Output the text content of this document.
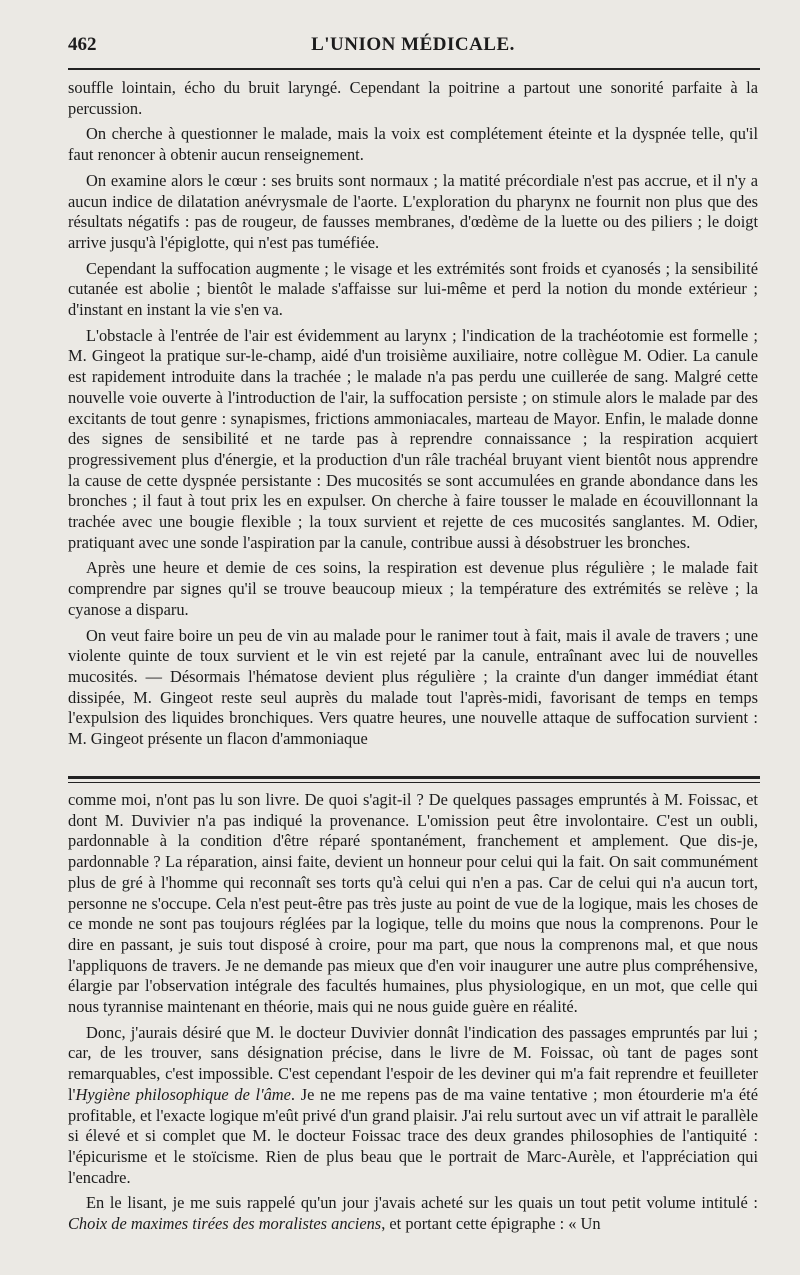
462	L'UNION MÉDICALE.

souffle lointain, écho du bruit laryngé. Cependant la poitrine a partout une sonorité parfaite à la percussion.

On cherche à questionner le malade, mais la voix est complétement éteinte et la dyspnée telle, qu'il faut renoncer à obtenir aucun renseignement.

On examine alors le cœur : ses bruits sont normaux ; la matité précordiale n'est pas accrue, et il n'y a aucun indice de dilatation anévrysmale de l'aorte. L'exploration du pharynx ne fournit non plus que des résultats négatifs : pas de rougeur, de fausses membranes, d'œdème de la luette ou des piliers ; le doigt arrive jusqu'à l'épiglotte, qui n'est pas tuméfiée.

Cependant la suffocation augmente ; le visage et les extrémités sont froids et cyanosés ; la sensibilité cutanée est abolie ; bientôt le malade s'affaisse sur lui-même et perd la notion du monde extérieur ; d'instant en instant la vie s'en va.

L'obstacle à l'entrée de l'air est évidemment au larynx ; l'indication de la trachéotomie est formelle ; M. Gingeot la pratique sur-le-champ, aidé d'un troisième auxiliaire, notre collègue M. Odier. La canule est rapidement introduite dans la trachée ; le malade n'a pas perdu une cuillerée de sang. Malgré cette nouvelle voie ouverte à l'introduction de l'air, la suffocation persiste ; on stimule alors le malade par des excitants de tout genre : synapismes, frictions ammoniacales, marteau de Mayor. Enfin, le malade donne des signes de sensibilité et ne tarde pas à reprendre connaissance ; la respiration acquiert progressivement plus d'énergie, et la production d'un râle trachéal bruyant vient bientôt nous apprendre la cause de cette dyspnée persistante : Des mucosités se sont accumulées en grande abondance dans les bronches ; il faut à tout prix les en expulser. On cherche à faire tousser le malade en écouvillonnant la trachée avec une bougie flexible ; la toux survient et rejette de ces mucosités sanglantes. M. Odier, pratiquant avec une sonde l'aspiration par la canule, contribue aussi à désobstruer les bronches.

Après une heure et demie de ces soins, la respiration est devenue plus régulière ; le malade fait comprendre par signes qu'il se trouve beaucoup mieux ; la température des extrémités se relève ; la cyanose a disparu.

On veut faire boire un peu de vin au malade pour le ranimer tout à fait, mais il avale de travers ; une violente quinte de toux survient et le vin est rejeté par la canule, entraînant avec lui de nouvelles mucosités. — Désormais l'hématose devient plus régulière ; la crainte d'un danger immédiat étant dissipée, M. Gingeot reste seul auprès du malade tout l'après-midi, favorisant de temps en temps l'expulsion des liquides bronchiques. Vers quatre heures, une nouvelle attaque de suffocation survient : M. Gingeot présente un flacon d'ammoniaque

comme moi, n'ont pas lu son livre. De quoi s'agit-il ? De quelques passages empruntés à M. Foissac, et dont M. Duvivier n'a pas indiqué la provenance. L'omission peut être involontaire. C'est un oubli, pardonnable à la condition d'être réparé spontanément, franchement et amplement. Que dis-je, pardonnable ? La réparation, ainsi faite, devient un honneur pour celui qui la fait. On sait communément plus de gré à l'homme qui reconnaît ses torts qu'à celui qui n'en a pas. Car de celui qui n'a aucun tort, personne ne s'occupe. Cela n'est peut-être pas très juste au point de vue de la logique, mais les choses de ce monde ne sont pas toujours réglées par la logique, telle du moins que nous la comprenons. Pour le dire en passant, je suis tout disposé à croire, pour ma part, que nous la comprenons mal, et que nous l'appliquons de travers. Je ne demande pas mieux que d'en voir inaugurer une autre plus compréhensive, élargie par l'observation intégrale des facultés humaines, plus physiologique, en un mot, que celle qui nous tyrannise maintenant en théorie, mais qui ne nous guide guère en réalité.

Donc, j'aurais désiré que M. le docteur Duvivier donnât l'indication des passages empruntés par lui ; car, de les trouver, sans désignation précise, dans le livre de M. Foissac, où tant de pages sont remarquables, c'est impossible. C'est cependant l'espoir de les deviner qui m'a fait reprendre et feuilleter l'Hygiène philosophique de l'âme. Je ne me repens pas de ma vaine tentative ; mon étourderie m'a été profitable, et l'exacte logique m'eût privé d'un grand plaisir. J'ai relu surtout avec un vif attrait le parallèle si élevé et si complet que M. le docteur Foissac trace des deux grandes philosophies de l'antiquité : l'épicurisme et le stoïcisme. Rien de plus beau que le portrait de Marc-Aurèle, et l'appréciation qui l'encadre.

En le lisant, je me suis rappelé qu'un jour j'avais acheté sur les quais un tout petit volume intitulé : Choix de maximes tirées des moralistes anciens, et portant cette épigraphe : « Un
